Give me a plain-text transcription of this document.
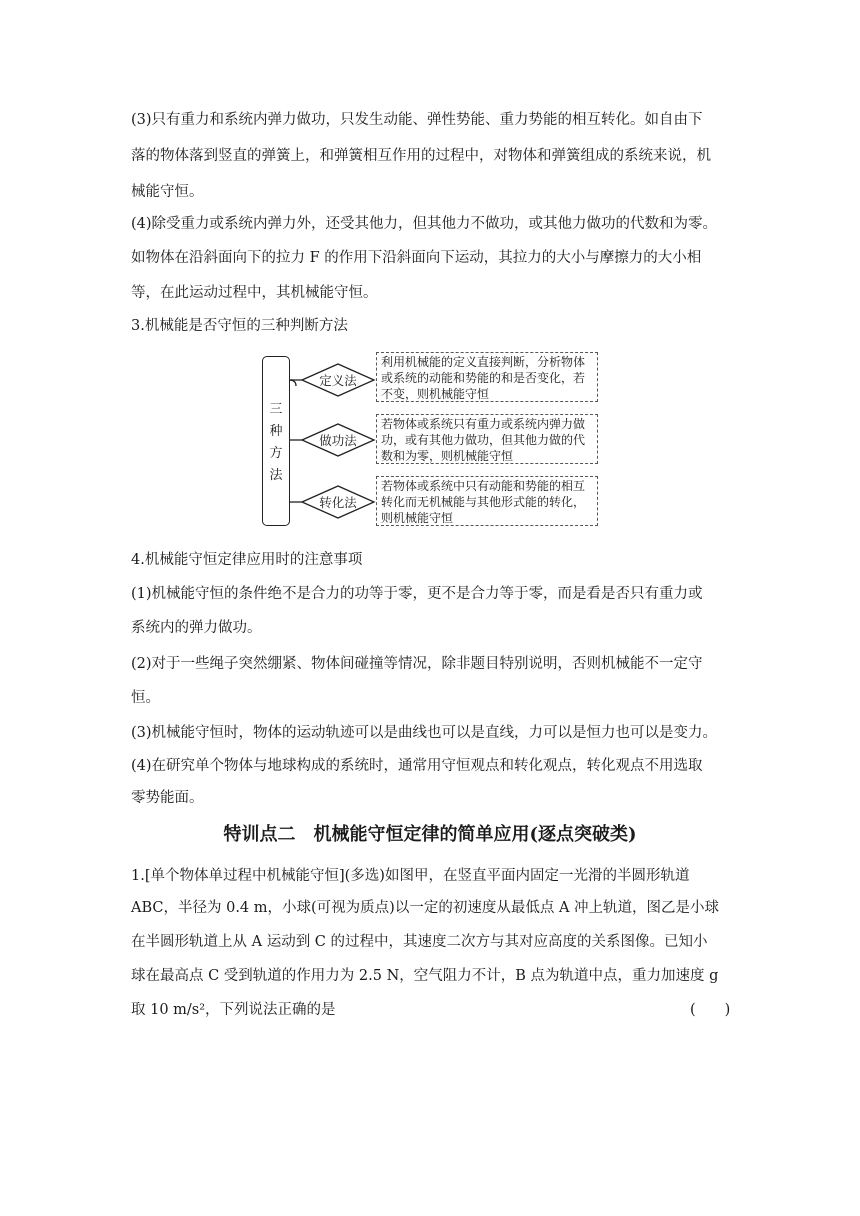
(3)只有重力和系统内弹力做功，只发生动能、弹性势能、重力势能的相互转化。如自由下

落的物体落到竖直的弹簧上，和弹簧相互作用的过程中，对物体和弹簧组成的系统来说，机

械能守恒。

(4)除受重力或系统内弹力外，还受其他力，但其他力不做功，或其他力做功的代数和为零。

如物体在沿斜面向下的拉力 F 的作用下沿斜面向下运动，其拉力的大小与摩擦力的大小相

等，在此运动过程中，其机械能守恒。

3.机械能是否守恒的三种判断方法

三
种
方
法
定义法
做功法
转化法
利用机械能的定义直接判断，分析物体或系统的动能和势能的和是否变化，若不变，则机械能守恒
若物体或系统只有重力或系统内弹力做功，或有其他力做功，但其他力做的代数和为零，则机械能守恒
若物体或系统中只有动能和势能的相互转化而无机械能与其他形式能的转化，则机械能守恒

4.机械能守恒定律应用时的注意事项

(1)机械能守恒的条件绝不是合力的功等于零，更不是合力等于零，而是看是否只有重力或

系统内的弹力做功。

(2)对于一些绳子突然绷紧、物体间碰撞等情况，除非题目特别说明，否则机械能不一定守

恒。

(3)机械能守恒时，物体的运动轨迹可以是曲线也可以是直线，力可以是恒力也可以是变力。

(4)在研究单个物体与地球构成的系统时，通常用守恒观点和转化观点，转化观点不用选取

零势能面。

特训点二　机械能守恒定律的简单应用(逐点突破类)

1.[单个物体单过程中机械能守恒](多选)如图甲，在竖直平面内固定一光滑的半圆形轨道

ABC，半径为 0.4 m，小球(可视为质点)以一定的初速度从最低点 A 冲上轨道，图乙是小球

在半圆形轨道上从 A 运动到 C 的过程中，其速度二次方与其对应高度的关系图像。已知小

球在最高点 C 受到轨道的作用力为 2.5 N，空气阻力不计，B 点为轨道中点，重力加速度 g

取 10 m/s²，下列说法正确的是	(　　)
